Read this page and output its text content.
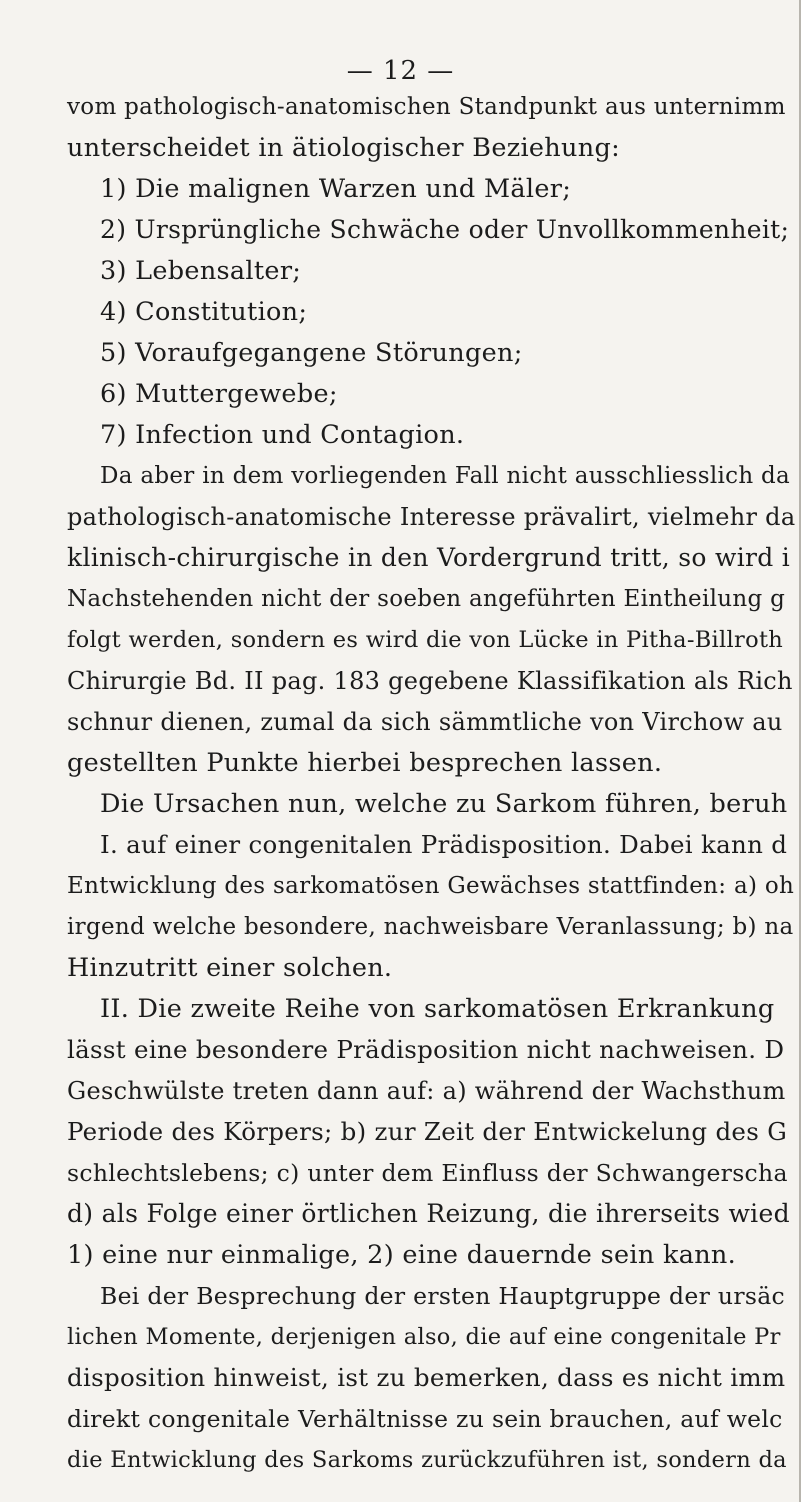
— 12 —
vom pathologisch-anatomischen Standpunkt aus unternimm
unterscheidet in ätiologischer Beziehung:
1) Die malignen Warzen und Mäler;
2) Ursprüngliche Schwäche oder Unvollkommenheit;
3) Lebensalter;
4) Constitution;
5) Voraufgegangene Störungen;
6) Muttergewebe;
7) Infection und Contagion.
Da aber in dem vorliegenden Fall nicht ausschliesslich da
pathologisch-anatomische Interesse prävalirt, vielmehr da
klinisch-chirurgische in den Vordergrund tritt, so wird i
Nachstehenden nicht der soeben angeführten Eintheilung g
folgt werden, sondern es wird die von Lücke in Pitha-Billroth
Chirurgie Bd. II pag. 183 gegebene Klassifikation als Rich
schnur dienen, zumal da sich sämmtliche von Virchow au
gestellten Punkte hierbei besprechen lassen.
Die Ursachen nun, welche zu Sarkom führen, beruh
I. auf einer congenitalen Prädisposition. Dabei kann d
Entwicklung des sarkomatösen Gewächses stattfinden: a) oh
irgend welche besondere, nachweisbare Veranlassung; b) na
Hinzutritt einer solchen.
II. Die zweite Reihe von sarkomatösen Erkrankung
lässt eine besondere Prädisposition nicht nachweisen. D
Geschwülste treten dann auf: a) während der Wachsthum
Periode des Körpers; b) zur Zeit der Entwickelung des G
schlechtslebens; c) unter dem Einfluss der Schwangerscha
d) als Folge einer örtlichen Reizung, die ihrerseits wied
1) eine nur einmalige, 2) eine dauernde sein kann.
Bei der Besprechung der ersten Hauptgruppe der ursäc
lichen Momente, derjenigen also, die auf eine congenitale Pr
disposition hinweist, ist zu bemerken, dass es nicht imm
direkt congenitale Verhältnisse zu sein brauchen, auf welc
die Entwicklung des Sarkoms zurückzuführen ist, sondern da
